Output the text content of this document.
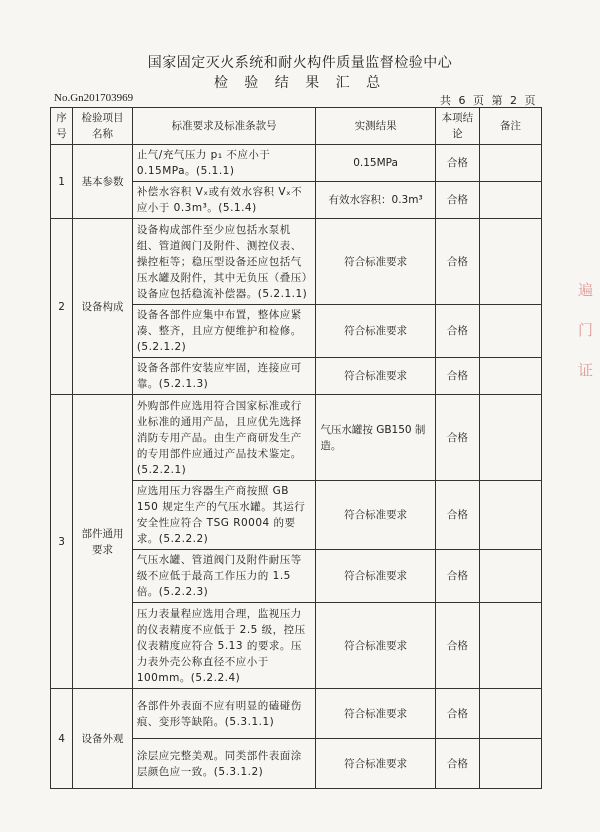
国家固定灭火系统和耐火构件质量监督检验中心
检 验 结 果 汇 总
No.Gn201703969	共 6 页 第 2 页
序号	检验项目名称	标准要求及标准条款号	实测结果	本项结论	备注
1	基本参数	止气/充气压力 p₁ 不应小于 0.15MPa。(5.1.1)	0.15MPa	合格	
		补偿水容积 Vₓ或有效水容积 Vₓ不应小于 0.3m³。(5.1.4)	有效水容积：0.3m³	合格	
2	设备构成	设备构成部件至少应包括水泵机组、管道阀门及附件、测控仪表、操控柜等；稳压型设备还应包括气压水罐及附件，其中无负压（叠压）设备应包括稳流补偿器。(5.2.1.1)	符合标准要求	合格	
		设备各部件应集中布置，整体应紧凑、整齐，且应方便维护和检修。(5.2.1.2)	符合标准要求	合格	
		设备各部件安装应牢固，连接应可靠。(5.2.1.3)	符合标准要求	合格	
3	部件通用要求	外购部件应选用符合国家标准或行业标准的通用产品，且应优先选择消防专用产品。由生产商研发生产的专用部件应通过产品技术鉴定。(5.2.2.1)	气压水罐按 GB150 制造。	合格	
		应选用压力容器生产商按照 GB 150 规定生产的气压水罐。其运行安全性应符合 TSG R0004 的要求。(5.2.2.2)	符合标准要求	合格	
		气压水罐、管道阀门及附件耐压等级不应低于最高工作压力的 1.5 倍。(5.2.2.3)	符合标准要求	合格	
		压力表量程应选用合理，监视压力的仪表精度不应低于 2.5 级，控压仪表精度应符合 5.13 的要求。压力表外壳公称直径不应小于 100mm。(5.2.2.4)	符合标准要求	合格	
4	设备外观	各部件外表面不应有明显的磕碰伤痕、变形等缺陷。(5.3.1.1)	符合标准要求	合格	
		涂层应完整美观。同类部件表面涂层颜色应一致。(5.3.1.2)	符合标准要求	合格	
遍
门
证
